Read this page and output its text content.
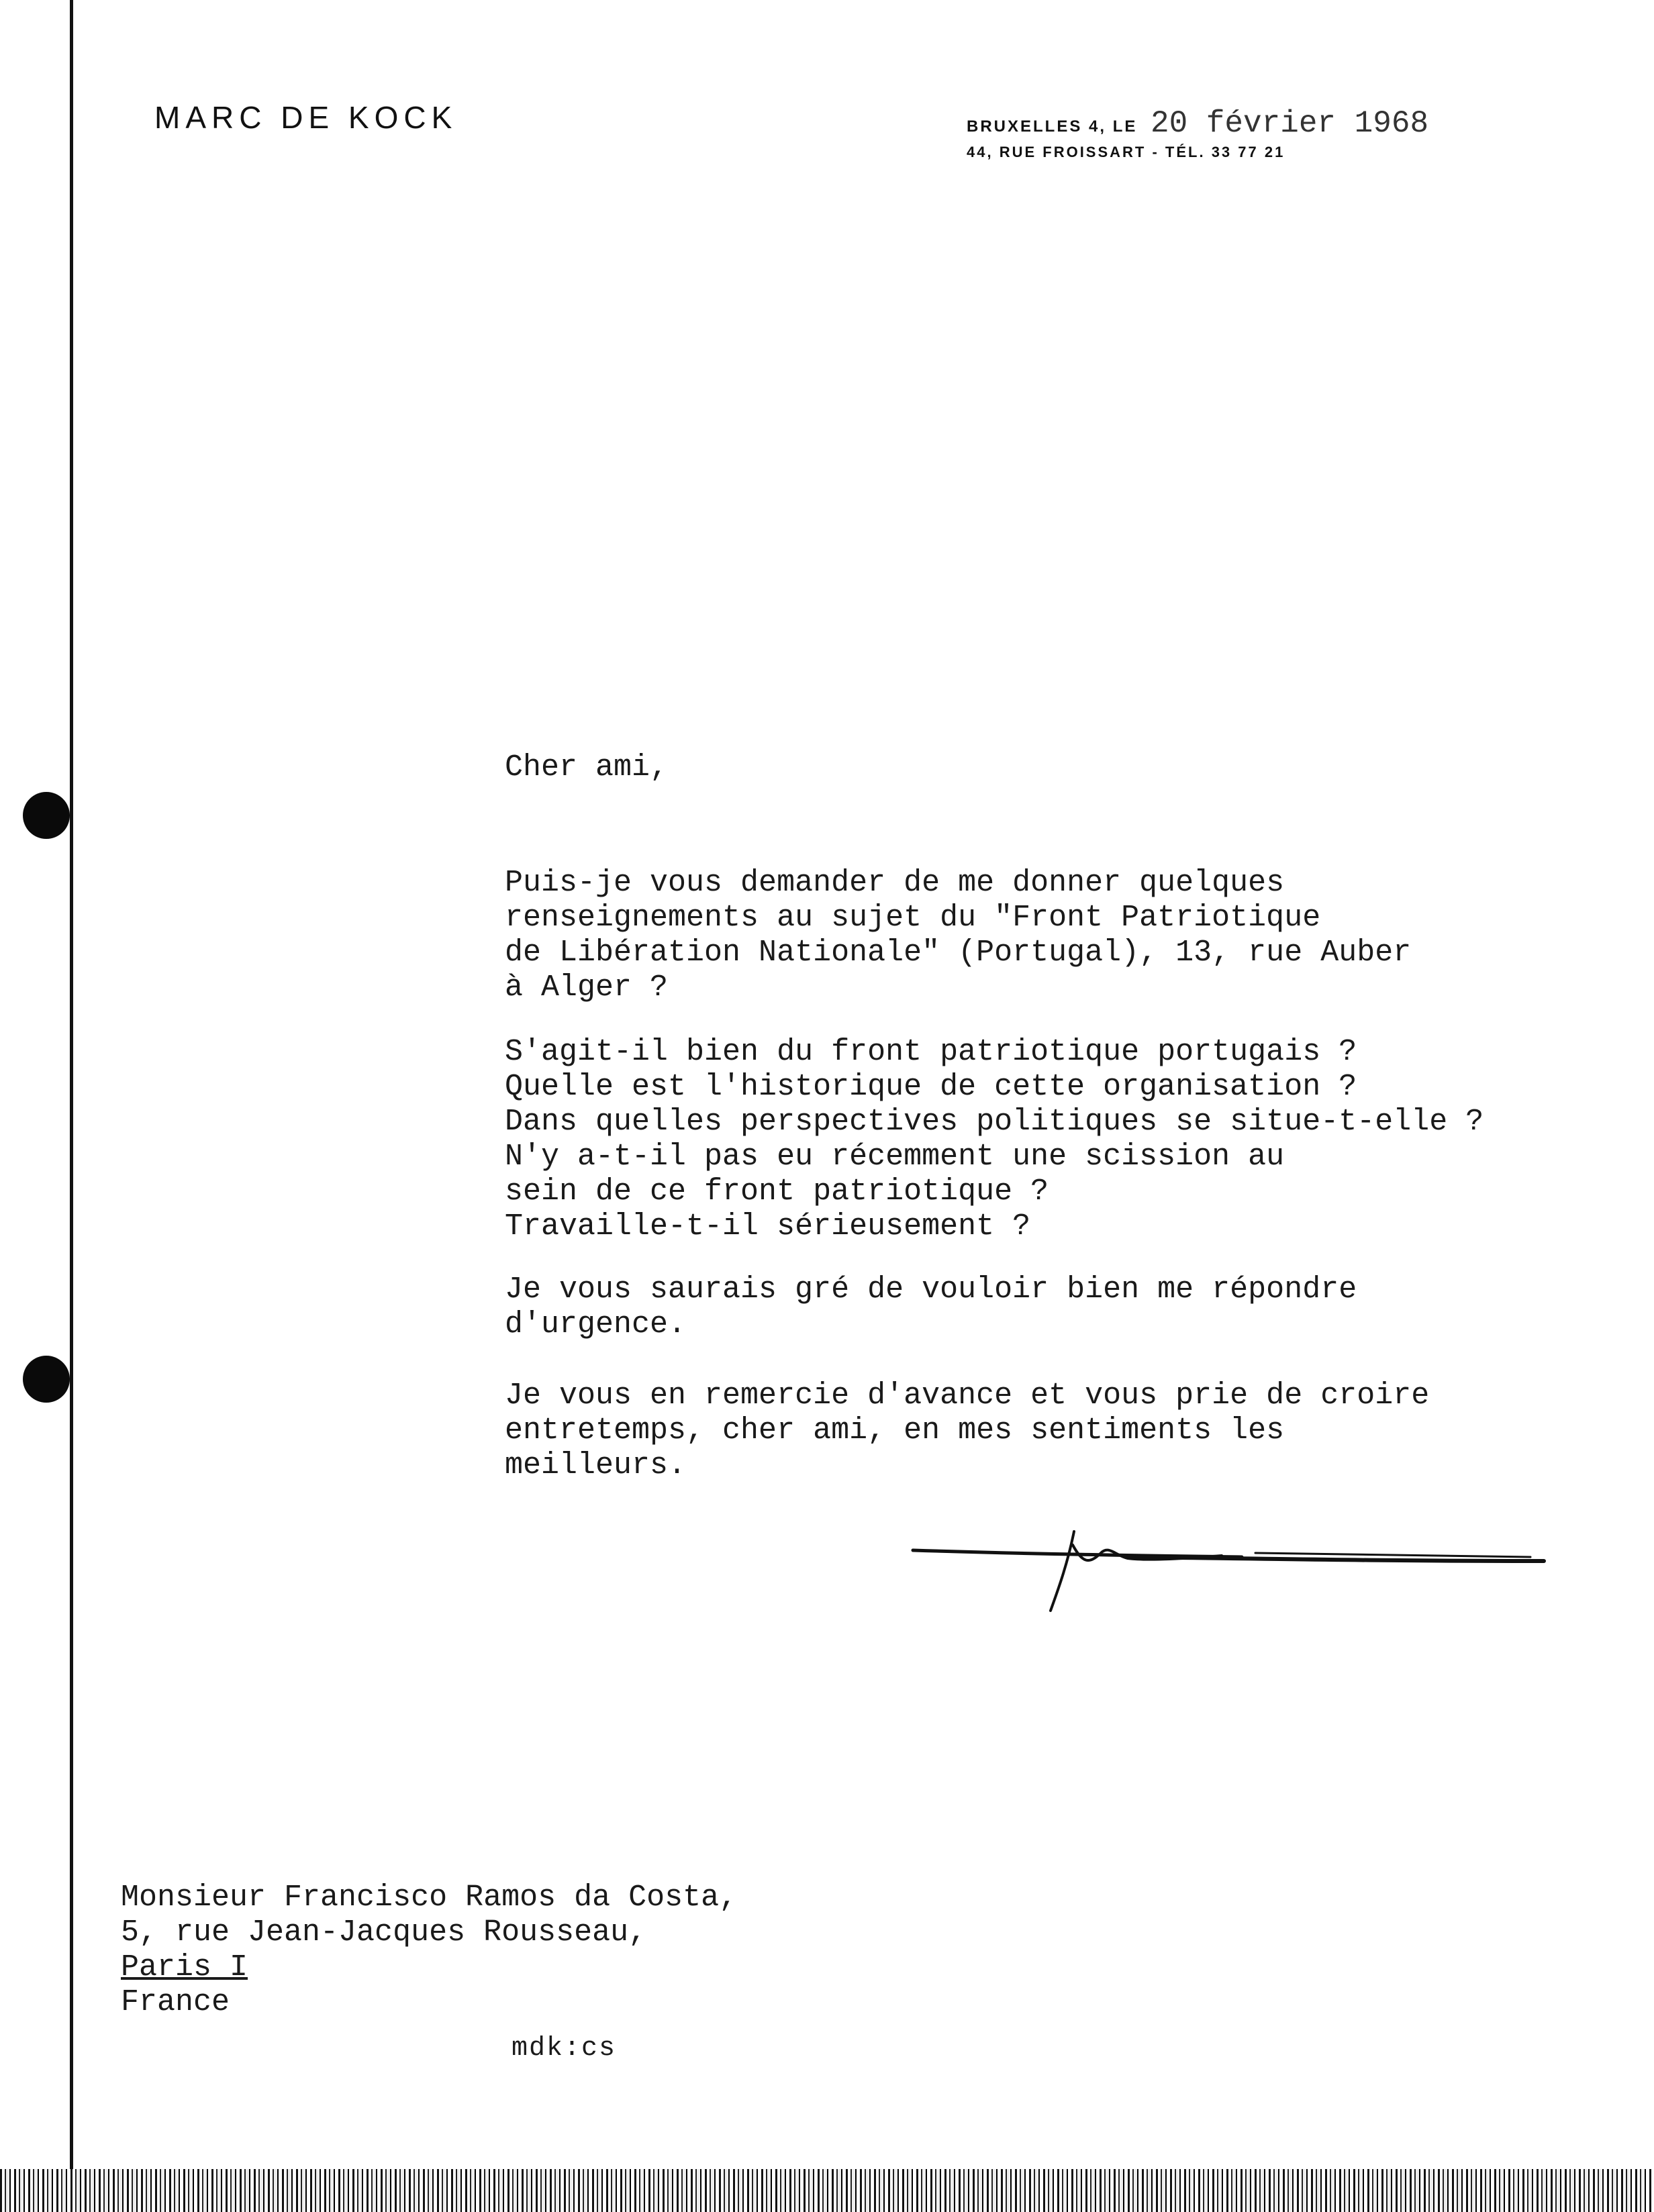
MARC DE KOCK	BRUXELLES 4, LE 20 février 1968
44, RUE FROISSART - TÉL. 33 77 21
Cher ami,

Puis-je vous demander de me donner quelques
renseignements au sujet du "Front Patriotique
de Libération Nationale" (Portugal), 13, rue Auber
à Alger ?

S'agit-il bien du front patriotique portugais ?
Quelle est l'historique de cette organisation ?
Dans quelles perspectives politiques se situe-t-elle ?
N'y a-t-il pas eu récemment une scission au
sein de ce front patriotique ?
Travaille-t-il sérieusement ?

Je vous saurais gré de vouloir bien me répondre
d'urgence.

Je vous en remercie d'avance et vous prie de croire
entretemps, cher ami, en mes sentiments les
meilleurs.

Monsieur Francisco Ramos da Costa,
5, rue Jean-Jacques Rousseau,
Paris I
France
mdk:cs
